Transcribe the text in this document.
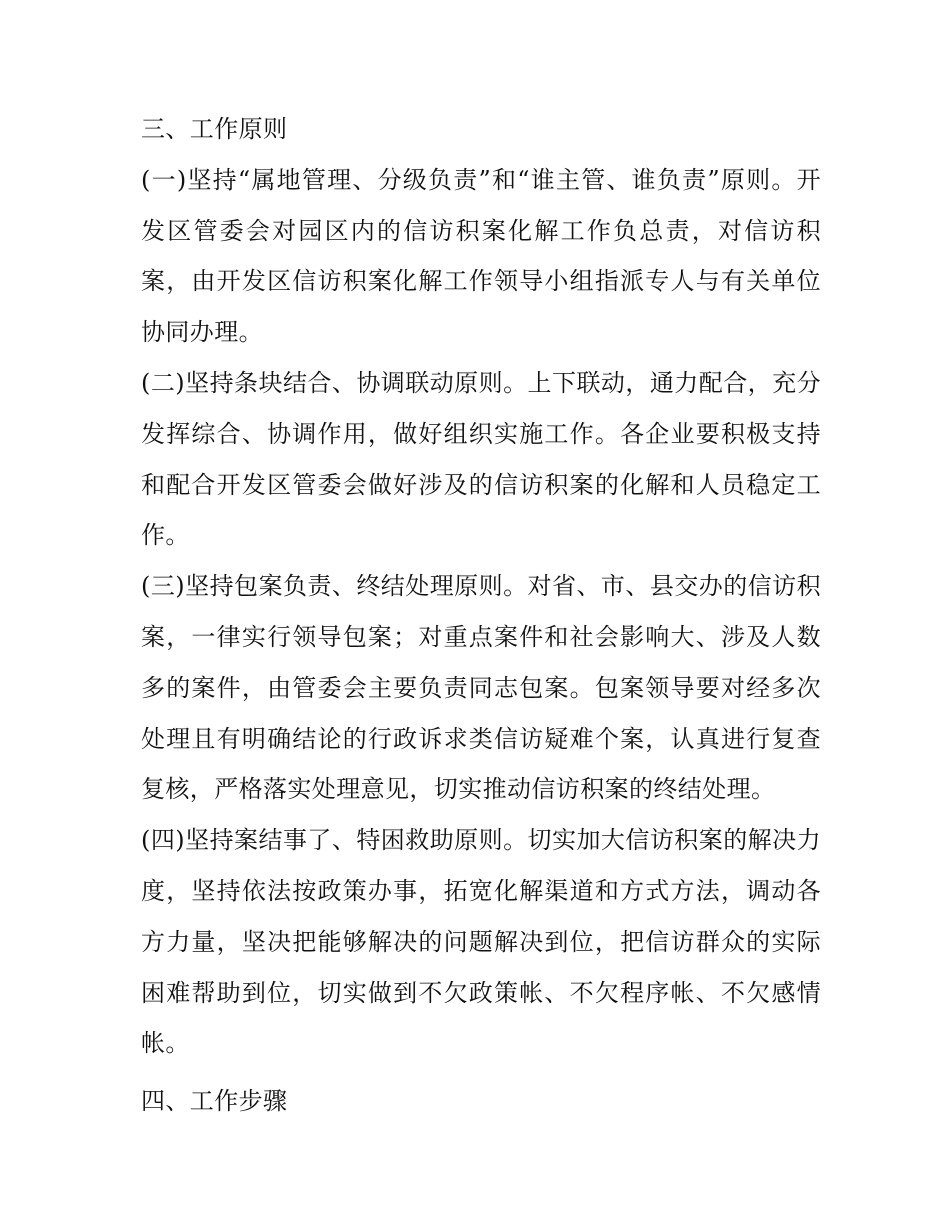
三、工作原则

(一)坚持“属地管理、分级负责”和“谁主管、谁负责”原则。开发区管委会对园区内的信访积案化解工作负总责，对信访积案，由开发区信访积案化解工作领导小组指派专人与有关单位协同办理。

(二)坚持条块结合、协调联动原则。上下联动，通力配合，充分发挥综合、协调作用，做好组织实施工作。各企业要积极支持和配合开发区管委会做好涉及的信访积案的化解和人员稳定工作。

(三)坚持包案负责、终结处理原则。对省、市、县交办的信访积案，一律实行领导包案；对重点案件和社会影响大、涉及人数多的案件，由管委会主要负责同志包案。包案领导要对经多次处理且有明确结论的行政诉求类信访疑难个案，认真进行复查复核，严格落实处理意见，切实推动信访积案的终结处理。

(四)坚持案结事了、特困救助原则。切实加大信访积案的解决力度，坚持依法按政策办事，拓宽化解渠道和方式方法，调动各方力量，坚决把能够解决的问题解决到位，把信访群众的实际困难帮助到位，切实做到不欠政策帐、不欠程序帐、不欠感情帐。

四、工作步骤
